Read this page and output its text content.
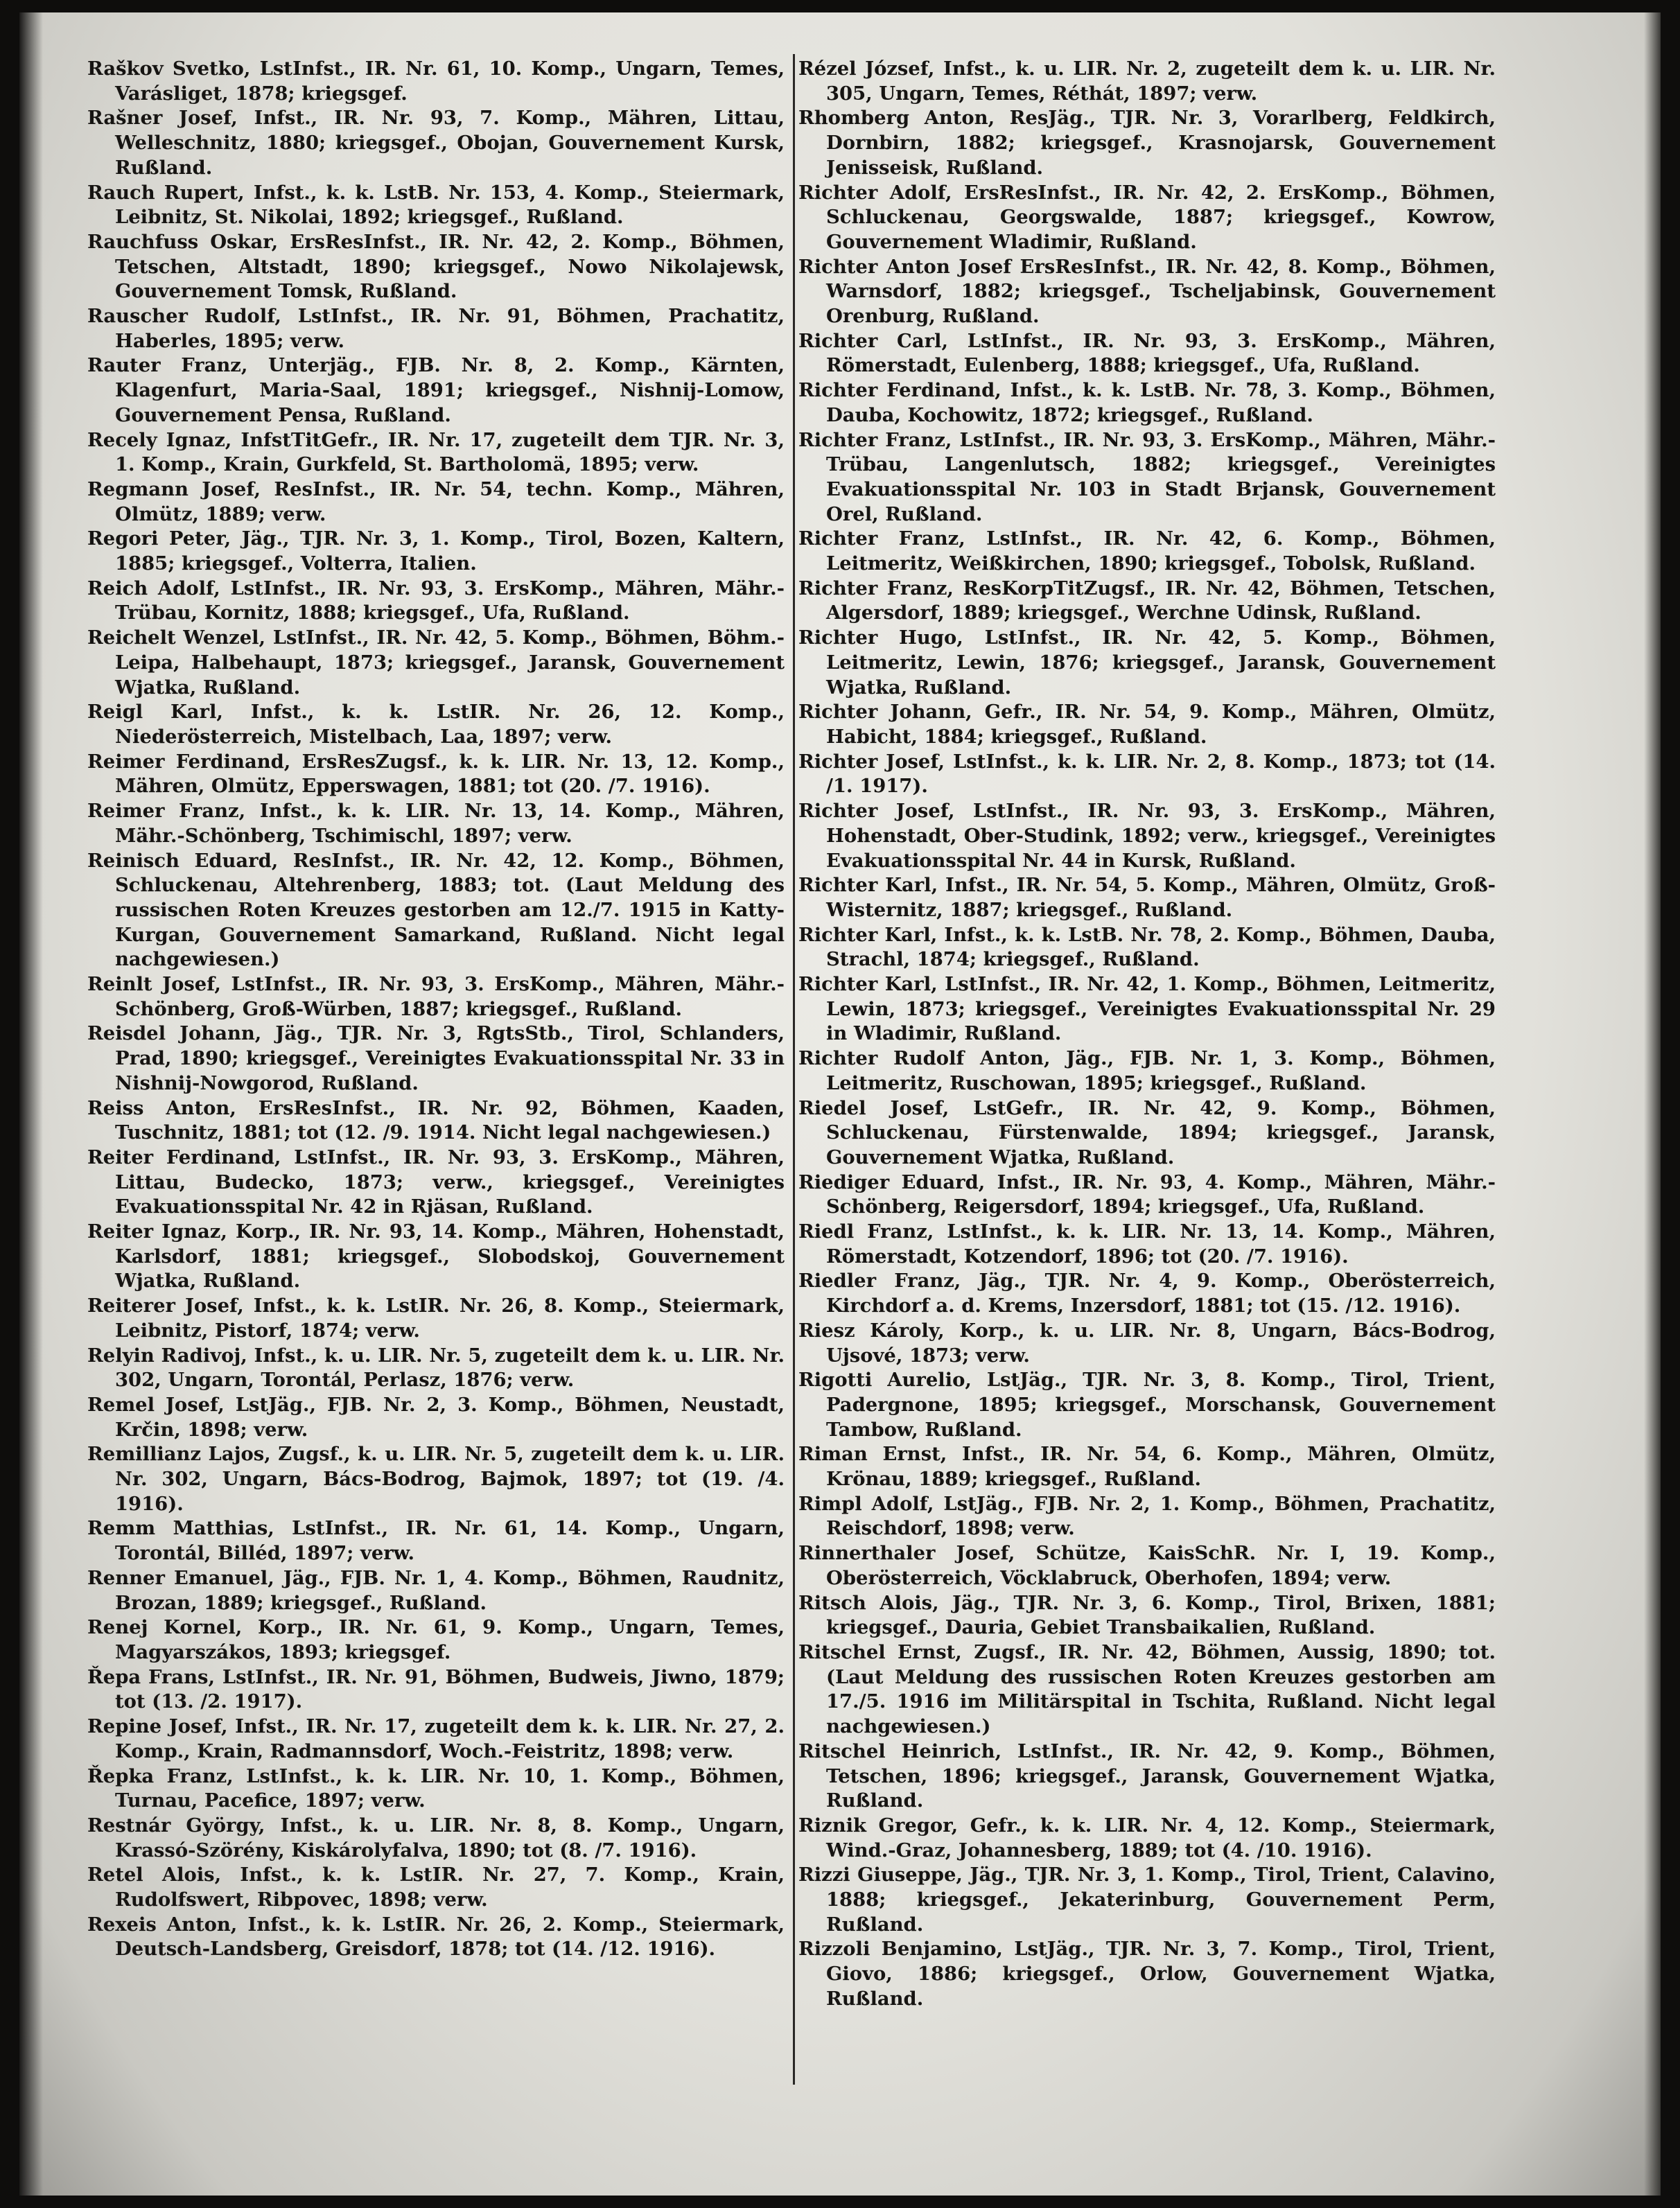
Raškov Svetko, LstInfst., IR. Nr. 61, 10. Komp., Ungarn, Temes, Varásliget, 1878; kriegsgef.

Rašner Josef, Infst., IR. Nr. 93, 7. Komp., Mähren, Littau, Welleschnitz, 1880; kriegsgef., Obojan, Gouvernement Kursk, Rußland.

Rauch Rupert, Infst., k. k. LstB. Nr. 153, 4. Komp., Steiermark, Leibnitz, St. Nikolai, 1892; kriegsgef., Rußland.

Rauchfuss Oskar, ErsResInfst., IR. Nr. 42, 2. Komp., Böhmen, Tetschen, Altstadt, 1890; kriegsgef., Nowo Nikolajewsk, Gouvernement Tomsk, Rußland.

Rauscher Rudolf, LstInfst., IR. Nr. 91, Böhmen, Prachatitz, Haberles, 1895; verw.

Rauter Franz, Unterjäg., FJB. Nr. 8, 2. Komp., Kärnten, Klagenfurt, Maria-Saal, 1891; kriegsgef., Nishnij-Lomow, Gouvernement Pensa, Rußland.

Recely Ignaz, InfstTitGefr., IR. Nr. 17, zugeteilt dem TJR. Nr. 3, 1. Komp., Krain, Gurkfeld, St. Bartholomä, 1895; verw.

Regmann Josef, ResInfst., IR. Nr. 54, techn. Komp., Mähren, Olmütz, 1889; verw.

Regori Peter, Jäg., TJR. Nr. 3, 1. Komp., Tirol, Bozen, Kaltern, 1885; kriegsgef., Volterra, Italien.

Reich Adolf, LstInfst., IR. Nr. 93, 3. ErsKomp., Mähren, Mähr.-Trübau, Kornitz, 1888; kriegsgef., Ufa, Rußland.

Reichelt Wenzel, LstInfst., IR. Nr. 42, 5. Komp., Böhmen, Böhm.-Leipa, Halbehaupt, 1873; kriegsgef., Jaransk, Gouvernement Wjatka, Rußland.

Reigl Karl, Infst., k. k. LstIR. Nr. 26, 12. Komp., Niederösterreich, Mistelbach, Laa, 1897; verw.

Reimer Ferdinand, ErsResZugsf., k. k. LIR. Nr. 13, 12. Komp., Mähren, Olmütz, Epperswagen, 1881; tot (20. /7. 1916).

Reimer Franz, Infst., k. k. LIR. Nr. 13, 14. Komp., Mähren, Mähr.-Schönberg, Tschimischl, 1897; verw.

Reinisch Eduard, ResInfst., IR. Nr. 42, 12. Komp., Böhmen, Schluckenau, Altehrenberg, 1883; tot. (Laut Meldung des russischen Roten Kreuzes gestorben am 12./7. 1915 in Katty-Kurgan, Gouvernement Samarkand, Rußland. Nicht legal nachgewiesen.)

Reinlt Josef, LstInfst., IR. Nr. 93, 3. ErsKomp., Mähren, Mähr.-Schönberg, Groß-Würben, 1887; kriegsgef., Rußland.

Reisdel Johann, Jäg., TJR. Nr. 3, RgtsStb., Tirol, Schlanders, Prad, 1890; kriegsgef., Vereinigtes Evakuationsspital Nr. 33 in Nishnij-Nowgorod, Rußland.

Reiss Anton, ErsResInfst., IR. Nr. 92, Böhmen, Kaaden, Tuschnitz, 1881; tot (12. /9. 1914. Nicht legal nachgewiesen.)

Reiter Ferdinand, LstInfst., IR. Nr. 93, 3. ErsKomp., Mähren, Littau, Budecko, 1873; verw., kriegsgef., Vereinigtes Evakuationsspital Nr. 42 in Rjäsan, Rußland.

Reiter Ignaz, Korp., IR. Nr. 93, 14. Komp., Mähren, Hohenstadt, Karlsdorf, 1881; kriegsgef., Slobodskoj, Gouvernement Wjatka, Rußland.

Reiterer Josef, Infst., k. k. LstIR. Nr. 26, 8. Komp., Steiermark, Leibnitz, Pistorf, 1874; verw.

Relyin Radivoj, Infst., k. u. LIR. Nr. 5, zugeteilt dem k. u. LIR. Nr. 302, Ungarn, Torontál, Perlasz, 1876; verw.

Remel Josef, LstJäg., FJB. Nr. 2, 3. Komp., Böhmen, Neustadt, Krčin, 1898; verw.

Remillianz Lajos, Zugsf., k. u. LIR. Nr. 5, zugeteilt dem k. u. LIR. Nr. 302, Ungarn, Bács-Bodrog, Bajmok, 1897; tot (19. /4. 1916).

Remm Matthias, LstInfst., IR. Nr. 61, 14. Komp., Ungarn, Torontál, Billéd, 1897; verw.

Renner Emanuel, Jäg., FJB. Nr. 1, 4. Komp., Böhmen, Raudnitz, Brozan, 1889; kriegsgef., Rußland.

Renej Kornel, Korp., IR. Nr. 61, 9. Komp., Ungarn, Temes, Magyarszákos, 1893; kriegsgef.

Řepa Frans, LstInfst., IR. Nr. 91, Böhmen, Budweis, Jiwno, 1879; tot (13. /2. 1917).

Repine Josef, Infst., IR. Nr. 17, zugeteilt dem k. k. LIR. Nr. 27, 2. Komp., Krain, Radmannsdorf, Woch.-Feistritz, 1898; verw.

Řepka Franz, LstInfst., k. k. LIR. Nr. 10, 1. Komp., Böhmen, Turnau, Pacefice, 1897; verw.

Restnár György, Infst., k. u. LIR. Nr. 8, 8. Komp., Ungarn, Krassó-Szörény, Kiskárolyfalva, 1890; tot (8. /7. 1916).

Retel Alois, Infst., k. k. LstIR. Nr. 27, 7. Komp., Krain, Rudolfswert, Ribpovec, 1898; verw.

Rexeis Anton, Infst., k. k. LstIR. Nr. 26, 2. Komp., Steiermark, Deutsch-Landsberg, Greisdorf, 1878; tot (14. /12. 1916).

Rézel József, Infst., k. u. LIR. Nr. 2, zugeteilt dem k. u. LIR. Nr. 305, Ungarn, Temes, Réthát, 1897; verw.

Rhomberg Anton, ResJäg., TJR. Nr. 3, Vorarlberg, Feldkirch, Dornbirn, 1882; kriegsgef., Krasnojarsk, Gouvernement Jenisseisk, Rußland.

Richter Adolf, ErsResInfst., IR. Nr. 42, 2. ErsKomp., Böhmen, Schluckenau, Georgswalde, 1887; kriegsgef., Kowrow, Gouvernement Wladimir, Rußland.

Richter Anton Josef ErsResInfst., IR. Nr. 42, 8. Komp., Böhmen, Warnsdorf, 1882; kriegsgef., Tscheljabinsk, Gouvernement Orenburg, Rußland.

Richter Carl, LstInfst., IR. Nr. 93, 3. ErsKomp., Mähren, Römerstadt, Eulenberg, 1888; kriegsgef., Ufa, Rußland.

Richter Ferdinand, Infst., k. k. LstB. Nr. 78, 3. Komp., Böhmen, Dauba, Kochowitz, 1872; kriegsgef., Rußland.

Richter Franz, LstInfst., IR. Nr. 93, 3. ErsKomp., Mähren, Mähr.-Trübau, Langenlutsch, 1882; kriegsgef., Vereinigtes Evakuationsspital Nr. 103 in Stadt Brjansk, Gouvernement Orel, Rußland.

Richter Franz, LstInfst., IR. Nr. 42, 6. Komp., Böhmen, Leitmeritz, Weißkirchen, 1890; kriegsgef., Tobolsk, Rußland.

Richter Franz, ResKorpTitZugsf., IR. Nr. 42, Böhmen, Tetschen, Algersdorf, 1889; kriegsgef., Werchne Udinsk, Rußland.

Richter Hugo, LstInfst., IR. Nr. 42, 5. Komp., Böhmen, Leitmeritz, Lewin, 1876; kriegsgef., Jaransk, Gouvernement Wjatka, Rußland.

Richter Johann, Gefr., IR. Nr. 54, 9. Komp., Mähren, Olmütz, Habicht, 1884; kriegsgef., Rußland.

Richter Josef, LstInfst., k. k. LIR. Nr. 2, 8. Komp., 1873; tot (14. /1. 1917).

Richter Josef, LstInfst., IR. Nr. 93, 3. ErsKomp., Mähren, Hohenstadt, Ober-Studink, 1892; verw., kriegsgef., Vereinigtes Evakuationsspital Nr. 44 in Kursk, Rußland.

Richter Karl, Infst., IR. Nr. 54, 5. Komp., Mähren, Olmütz, Groß-Wisternitz, 1887; kriegsgef., Rußland.

Richter Karl, Infst., k. k. LstB. Nr. 78, 2. Komp., Böhmen, Dauba, Strachl, 1874; kriegsgef., Rußland.

Richter Karl, LstInfst., IR. Nr. 42, 1. Komp., Böhmen, Leitmeritz, Lewin, 1873; kriegsgef., Vereinigtes Evakuationsspital Nr. 29 in Wladimir, Rußland.

Richter Rudolf Anton, Jäg., FJB. Nr. 1, 3. Komp., Böhmen, Leitmeritz, Ruschowan, 1895; kriegsgef., Rußland.

Riedel Josef, LstGefr., IR. Nr. 42, 9. Komp., Böhmen, Schluckenau, Fürstenwalde, 1894; kriegsgef., Jaransk, Gouvernement Wjatka, Rußland.

Riediger Eduard, Infst., IR. Nr. 93, 4. Komp., Mähren, Mähr.-Schönberg, Reigersdorf, 1894; kriegsgef., Ufa, Rußland.

Riedl Franz, LstInfst., k. k. LIR. Nr. 13, 14. Komp., Mähren, Römerstadt, Kotzendorf, 1896; tot (20. /7. 1916).

Riedler Franz, Jäg., TJR. Nr. 4, 9. Komp., Oberösterreich, Kirchdorf a. d. Krems, Inzersdorf, 1881; tot (15. /12. 1916).

Riesz Károly, Korp., k. u. LIR. Nr. 8, Ungarn, Bács-Bodrog, Ujsové, 1873; verw.

Rigotti Aurelio, LstJäg., TJR. Nr. 3, 8. Komp., Tirol, Trient, Padergnone, 1895; kriegsgef., Morschansk, Gouvernement Tambow, Rußland.

Riman Ernst, Infst., IR. Nr. 54, 6. Komp., Mähren, Olmütz, Krönau, 1889; kriegsgef., Rußland.

Rimpl Adolf, LstJäg., FJB. Nr. 2, 1. Komp., Böhmen, Prachatitz, Reischdorf, 1898; verw.

Rinnerthaler Josef, Schütze, KaisSchR. Nr. I, 19. Komp., Oberösterreich, Vöcklabruck, Oberhofen, 1894; verw.

Ritsch Alois, Jäg., TJR. Nr. 3, 6. Komp., Tirol, Brixen, 1881; kriegsgef., Dauria, Gebiet Transbaikalien, Rußland.

Ritschel Ernst, Zugsf., IR. Nr. 42, Böhmen, Aussig, 1890; tot. (Laut Meldung des russischen Roten Kreuzes gestorben am 17./5. 1916 im Militärspital in Tschita, Rußland. Nicht legal nachgewiesen.)

Ritschel Heinrich, LstInfst., IR. Nr. 42, 9. Komp., Böhmen, Tetschen, 1896; kriegsgef., Jaransk, Gouvernement Wjatka, Rußland.

Riznik Gregor, Gefr., k. k. LIR. Nr. 4, 12. Komp., Steiermark, Wind.-Graz, Johannesberg, 1889; tot (4. /10. 1916).

Rizzi Giuseppe, Jäg., TJR. Nr. 3, 1. Komp., Tirol, Trient, Calavino, 1888; kriegsgef., Jekaterinburg, Gouvernement Perm, Rußland.

Rizzoli Benjamino, LstJäg., TJR. Nr. 3, 7. Komp., Tirol, Trient, Giovo, 1886; kriegsgef., Orlow, Gouvernement Wjatka, Rußland.
